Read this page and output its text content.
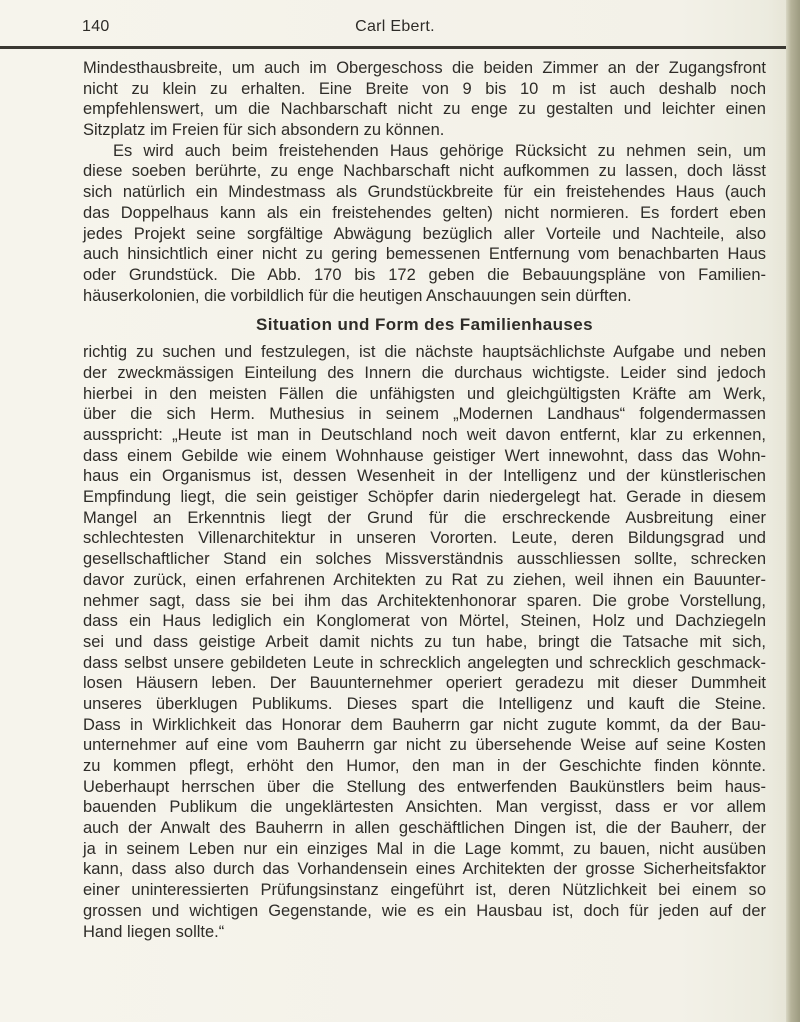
140	Carl Ebert.
Mindesthausbreite, um auch im Obergeschoss die beiden Zimmer an der Zugangsfront
nicht zu klein zu erhalten. Eine Breite von 9 bis 10 m ist auch deshalb noch
empfehlenswert, um die Nachbarschaft nicht zu enge zu gestalten und leichter einen
Sitzplatz im Freien für sich absondern zu können.
Es wird auch beim freistehenden Haus gehörige Rücksicht zu nehmen sein, um
diese soeben berührte, zu enge Nachbarschaft nicht aufkommen zu lassen, doch lässt
sich natürlich ein Mindestmass als Grundstückbreite für ein freistehendes Haus (auch
das Doppelhaus kann als ein freistehendes gelten) nicht normieren. Es fordert eben
jedes Projekt seine sorgfältige Abwägung bezüglich aller Vorteile und Nachteile, also
auch hinsichtlich einer nicht zu gering bemessenen Entfernung vom benachbarten Haus
oder Grundstück. Die Abb. 170 bis 172 geben die Bebauungspläne von Familien-
häuserkolonien, die vorbildlich für die heutigen Anschauungen sein dürften.
Situation und Form des Familienhauses
richtig zu suchen und festzulegen, ist die nächste hauptsächlichste Aufgabe und neben
der zweckmässigen Einteilung des Innern die durchaus wichtigste. Leider sind jedoch
hierbei in den meisten Fällen die unfähigsten und gleichgültigsten Kräfte am Werk,
über die sich Herm. Muthesius in seinem „Modernen Landhaus“ folgendermassen
ausspricht: „Heute ist man in Deutschland noch weit davon entfernt, klar zu erkennen,
dass einem Gebilde wie einem Wohnhause geistiger Wert innewohnt, dass das Wohn-
haus ein Organismus ist, dessen Wesenheit in der Intelligenz und der künstlerischen
Empfindung liegt, die sein geistiger Schöpfer darin niedergelegt hat. Gerade in diesem
Mangel an Erkenntnis liegt der Grund für die erschreckende Ausbreitung einer
schlechtesten Villenarchitektur in unseren Vororten. Leute, deren Bildungsgrad und
gesellschaftlicher Stand ein solches Missverständnis ausschliessen sollte, schrecken
davor zurück, einen erfahrenen Architekten zu Rat zu ziehen, weil ihnen ein Bauunter-
nehmer sagt, dass sie bei ihm das Architektenhonorar sparen. Die grobe Vorstellung,
dass ein Haus lediglich ein Konglomerat von Mörtel, Steinen, Holz und Dachziegeln
sei und dass geistige Arbeit damit nichts zu tun habe, bringt die Tatsache mit sich,
dass selbst unsere gebildeten Leute in schrecklich angelegten und schrecklich geschmack-
losen Häusern leben. Der Bauunternehmer operiert geradezu mit dieser Dummheit
unseres überklugen Publikums. Dieses spart die Intelligenz und kauft die Steine.
Dass in Wirklichkeit das Honorar dem Bauherrn gar nicht zugute kommt, da der Bau-
unternehmer auf eine vom Bauherrn gar nicht zu übersehende Weise auf seine Kosten
zu kommen pflegt, erhöht den Humor, den man in der Geschichte finden könnte.
Ueberhaupt herrschen über die Stellung des entwerfenden Baukünstlers beim haus-
bauenden Publikum die ungeklärtesten Ansichten. Man vergisst, dass er vor allem
auch der Anwalt des Bauherrn in allen geschäftlichen Dingen ist, die der Bauherr, der
ja in seinem Leben nur ein einziges Mal in die Lage kommt, zu bauen, nicht ausüben
kann, dass also durch das Vorhandensein eines Architekten der grosse Sicherheitsfaktor
einer uninteressierten Prüfungsinstanz eingeführt ist, deren Nützlichkeit bei einem so
grossen und wichtigen Gegenstande, wie es ein Hausbau ist, doch für jeden auf der
Hand liegen sollte.“
